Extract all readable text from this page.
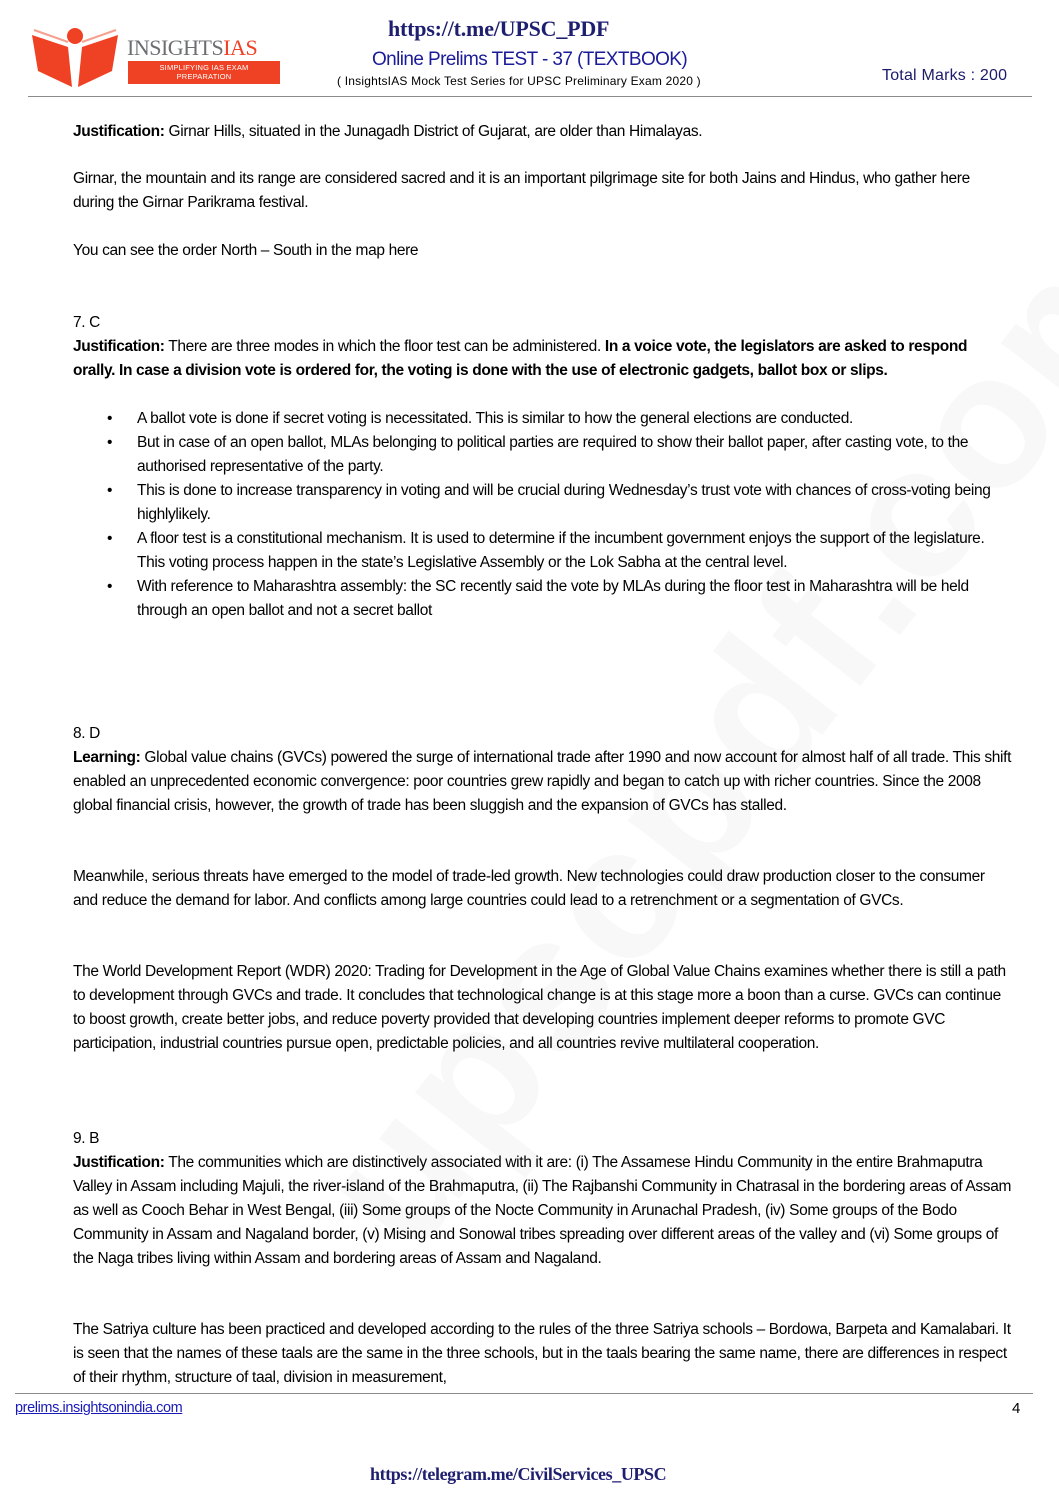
INSIGHTSIAS
SIMPLIFYING IAS EXAM
PREPARATION
https://t.me/UPSC_PDF
Online Prelims TEST - 37 (TEXTBOOK)
( InsightsIAS Mock Test Series for UPSC Preliminary Exam 2020 )	Total Marks : 200

Justification: Girnar Hills, situated in the Junagadh District of Gujarat, are older than Himalayas.

Girnar, the mountain and its range are considered sacred and it is an important pilgrimage site for both Jains and Hindus, who gather here during the Girnar Parikrama festival.

You can see the order North – South in the map here

7. C

Justification: There are three modes in which the floor test can be administered. In a voice vote, the legislators are asked to respond orally. In case a division vote is ordered for, the voting is done with the use of electronic gadgets, ballot box or slips.

• A ballot vote is done if secret voting is necessitated. This is similar to how the general elections are conducted.
• But in case of an open ballot, MLAs belonging to political parties are required to show their ballot paper, after casting vote, to the authorised representative of the party.
• This is done to increase transparency in voting and will be crucial during Wednesday’s trust vote with chances of cross-voting being highlylikely.
• A floor test is a constitutional mechanism. It is used to determine if the incumbent government enjoys the support of the legislature. This voting process happen in the state’s Legislative Assembly or the Lok Sabha at the central level.
• With reference to Maharashtra assembly: the SC recently said the vote by MLAs during the floor test in Maharashtra will be held through an open ballot and not a secret ballot

8. D

Learning: Global value chains (GVCs) powered the surge of international trade after 1990 and now account for almost half of all trade. This shift enabled an unprecedented economic convergence: poor countries grew rapidly and began to catch up with richer countries. Since the 2008 global financial crisis, however, the growth of trade has been sluggish and the expansion of GVCs has stalled.

Meanwhile, serious threats have emerged to the model of trade-led growth. New technologies could draw production closer to the consumer and reduce the demand for labor. And conflicts among large countries could lead to a retrenchment or a segmentation of GVCs.

The World Development Report (WDR) 2020: Trading for Development in the Age of Global Value Chains examines whether there is still a path to development through GVCs and trade. It concludes that technological change is at this stage more a boon than a curse. GVCs can continue to boost growth, create better jobs, and reduce poverty provided that developing countries implement deeper reforms to promote GVC participation, industrial countries pursue open, predictable policies, and all countries revive multilateral cooperation.

9. B

Justification: The communities which are distinctively associated with it are: (i) The Assamese Hindu Community in the entire Brahmaputra Valley in Assam including Majuli, the river-island of the Brahmaputra, (ii) The Rajbanshi Community in Chatrasal in the bordering areas of Assam as well as Cooch Behar in West Bengal, (iii) Some groups of the Nocte Community in Arunachal Pradesh, (iv) Some groups of the Bodo Community in Assam and Nagaland border, (v) Mising and Sonowal tribes spreading over different areas of the valley and (vi) Some groups of the Naga tribes living within Assam and bordering areas of Assam and Nagaland.

The Satriya culture has been practiced and developed according to the rules of the three Satriya schools – Bordowa, Barpeta and Kamalabari. It is seen that the names of these taals are the same in the three schools, but in the taals bearing the same name, there are differences in respect of their rhythm, structure of taal, division in measurement,

prelims.insightsonindia.com	4
https://telegram.me/CivilServices_UPSC
